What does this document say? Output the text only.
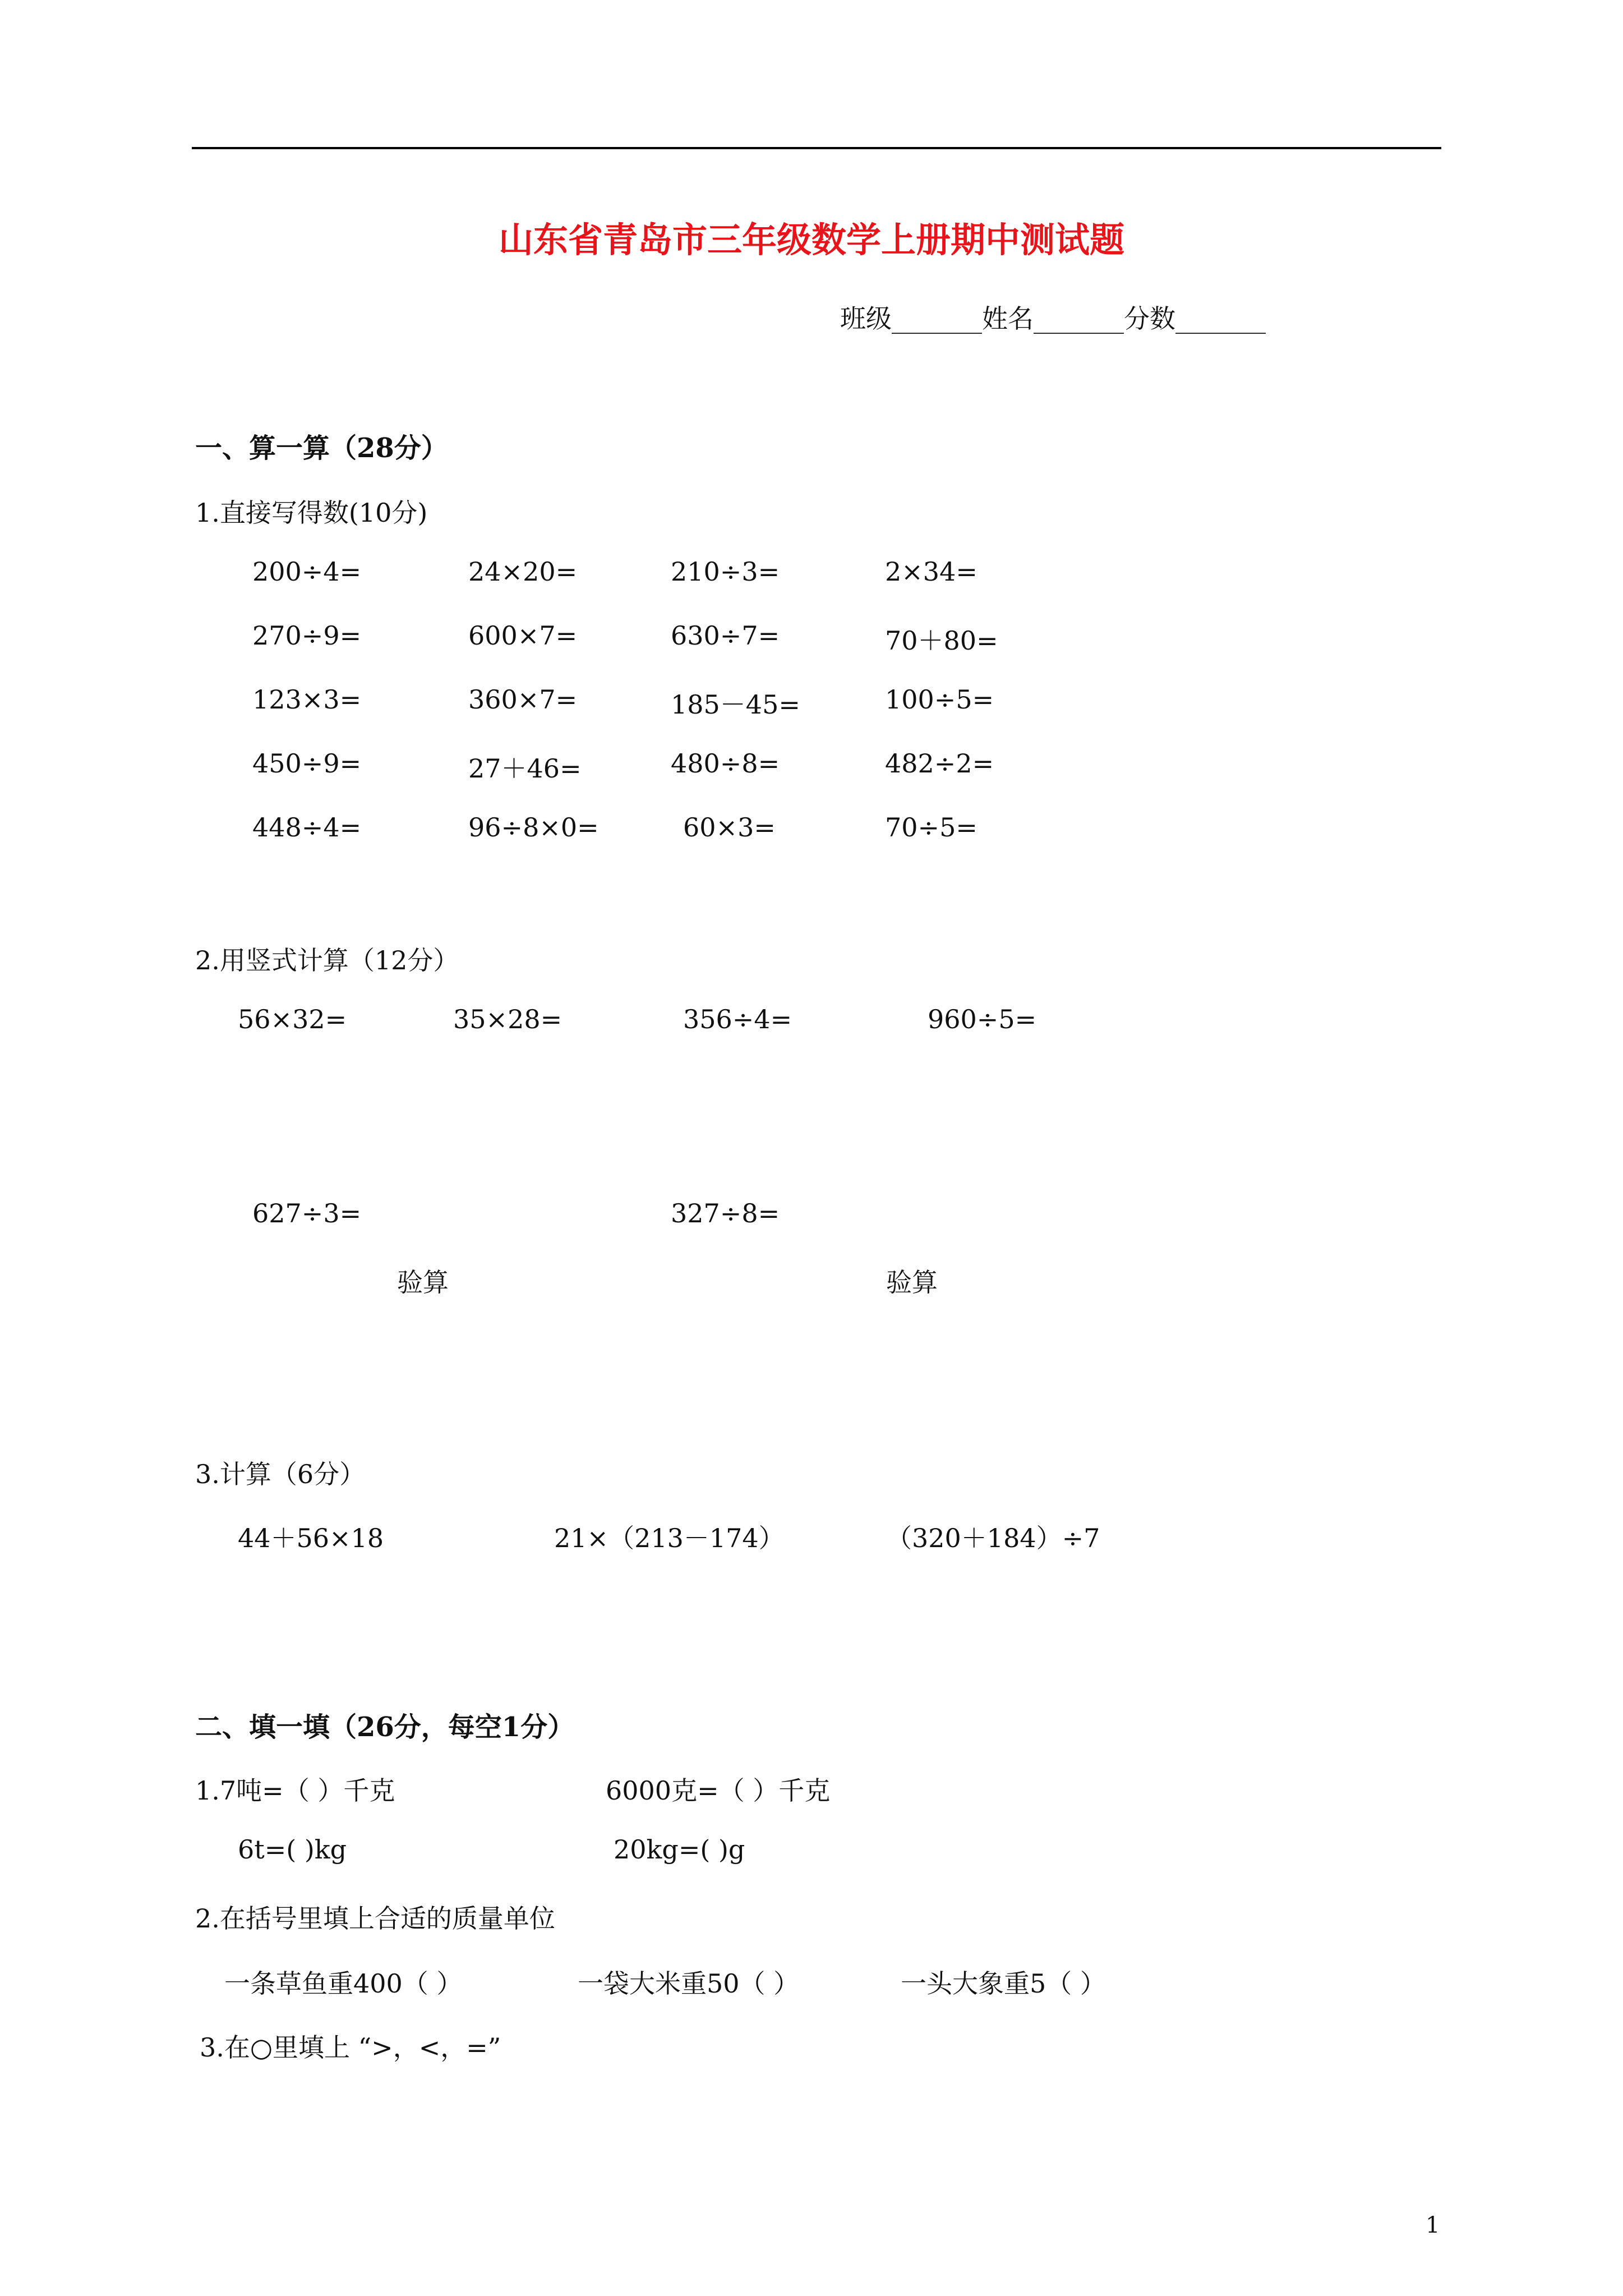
山东省青岛市三年级数学上册期中测试题
班级_______姓名_______分数_______
一、算一算（28分）
1.直接写得数(10分)
200÷4=	24×20=	210÷3=	2×34=
270÷9=	600×7=	630÷7=	70＋80=
123×3=	360×7=	185－45=	100÷5=
450÷9=	27＋46=	480÷8=	482÷2=
448÷4=	96÷8×0=	60×3=	70÷5=
2.用竖式计算（12分）
56×32=	35×28=	356÷4=	960÷5=
627÷3=	327÷8=
验算	验算
3.计算（6分）
44＋56×18	21×（213－174）	（320＋184）÷7
二、填一填（26分，每空1分）
1.7吨=（ ）千克	6000克=（ ）千克
6t=( )kg	20kg=( )g
2.在括号里填上合适的质量单位
一条草鱼重400（ ）	一袋大米重50（ ）	一头大象重5（ ）
3.在○里填上 “>，<，=”
1
